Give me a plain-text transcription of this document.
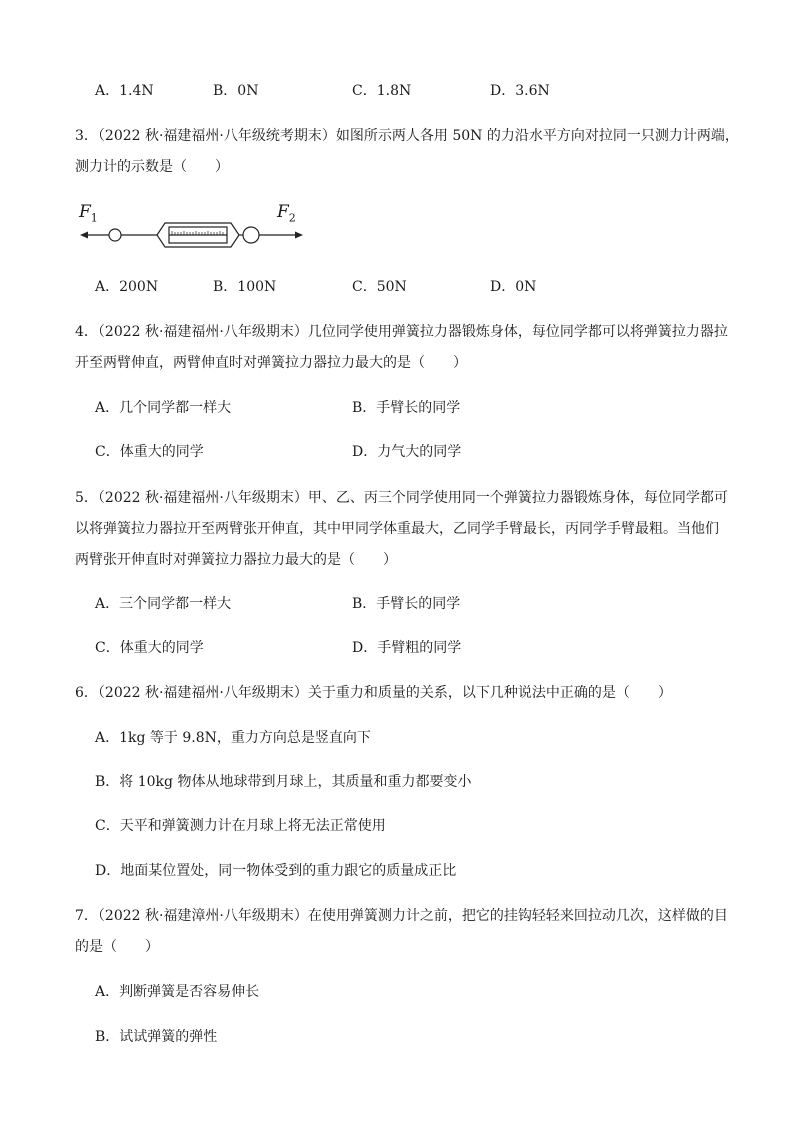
A．1.4N	B．0N	C．1.8N	D．3.6N
3．（2022 秋·福建福州·八年级统考期末）如图所示两人各用 50N 的力沿水平方向对拉同一只测力计两端，
测力计的示数是（　　）
$F_1$	$F_2$
A．200N	B．100N	C．50N	D．0N
4．（2022 秋·福建福州·八年级期末）几位同学使用弹簧拉力器锻炼身体，每位同学都可以将弹簧拉力器拉
开至两臂伸直，两臂伸直时对弹簧拉力器拉力最大的是（　　）
A．几个同学都一样大	B．手臂长的同学
C．体重大的同学	D．力气大的同学
5．（2022 秋·福建福州·八年级期末）甲、乙、丙三个同学使用同一个弹簧拉力器锻炼身体，每位同学都可
以将弹簧拉力器拉开至两臂张开伸直，其中甲同学体重最大，乙同学手臂最长，丙同学手臂最粗。当他们
两臂张开伸直时对弹簧拉力器拉力最大的是（　　）
A．三个同学都一样大	B．手臂长的同学
C．体重大的同学	D．手臂粗的同学
6．（2022 秋·福建福州·八年级期末）关于重力和质量的关系，以下几种说法中正确的是（　　）
A．1kg 等于 9.8N，重力方向总是竖直向下
B．将 10kg 物体从地球带到月球上，其质量和重力都要变小
C．天平和弹簧测力计在月球上将无法正常使用
D．地面某位置处，同一物体受到的重力跟它的质量成正比
7．（2022 秋·福建漳州·八年级期末）在使用弹簧测力计之前，把它的挂钩轻轻来回拉动几次，这样做的目
的是（　　）
A．判断弹簧是否容易伸长
B．试试弹簧的弹性
